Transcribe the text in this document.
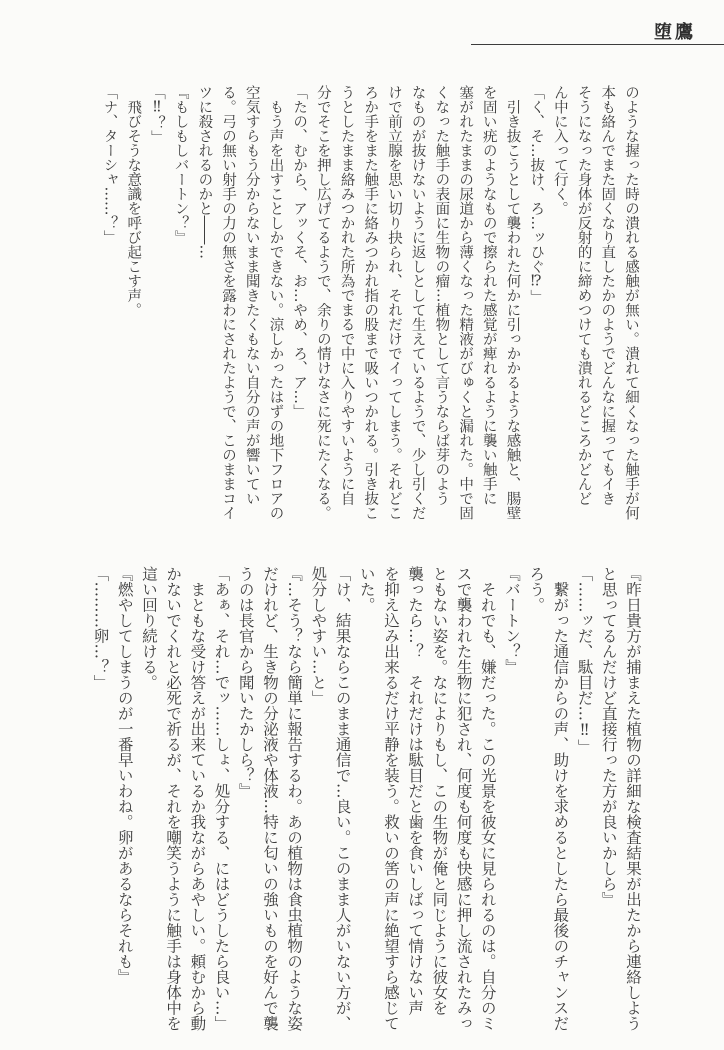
堕鷹
のような握った時の潰れる感触が無い。潰れて細くなった触手が何
本も絡んでまた固くなり直したかのようでどんなに握ってもイき
そうになった身体が反射的に締めつけても潰れるどころかどんど
ん中に入って行く。
「く、そ…抜け、ろ…ッひぐ⁉」
　引き抜こうとして襲われた何かに引っかかるような感触と、腸壁
を固い疣のようなもので擦られた感覚が痺れるように襲い触手に
塞がれたままの尿道から薄くなった精液がびゅくと漏れた。中で固
くなった触手の表面に生物の瘤…植物として言うならば芽のよう
なものが抜けないように返しとして生えているようで、少し引くだ
けで前立腺を思い切り抉られ、それだけでイってしまう。それどこ
ろか手をまた触手に絡みつかれ指の股まで吸いつかれる。引き抜こ
うとしたまま絡みつかれた所為でまるで中に入りやすいように自
分でそこを押し広げてるようで、余りの情けなさに死にたくなる。
「たの、むから、アッくそ、お…やめ、ろ、ア…」
　もう声を出すことしかできない。涼しかったはずの地下フロアの
空気すらもう分からないまま聞きたくもない自分の声が響いてい
る。弓の無い射手の力の無さを露わにされたようで、このままコイ
ツに殺されるのかと――…
『もしもしバートン？』
「‼？」
　飛びそうな意識を呼び起こす声。
「ナ、ターシャ……？」
『昨日貴方が捕まえた植物の詳細な検査結果が出たから連絡しよう
と思ってるんだけど直接行った方が良いかしら』
「……ッだ、駄目だ…‼」
　繋がった通信からの声、助けを求めるとしたら最後のチャンスだ
ろう。
『バートン？』
　それでも、嫌だった。この光景を彼女に見られるのは。自分のミ
スで襲われた生物に犯され、何度も何度も快感に押し流されたみっ
ともない姿を。なによりもし、この生物が俺と同じように彼女を
襲ったら…？　それだけは駄目だと歯を食いしばって情けない声
を抑え込み出来るだけ平静を装う。救いの筈の声に絶望すら感じて
いた。
「け、結果ならこのまま通信で…良い。このまま人がいない方が、
処分しやすい…と」
『…そう？なら簡単に報告するわ。あの植物は食虫植物のような姿
だけれど、生き物の分泌液や体液…特に匂いの強いものを好んで襲
うのは長官から聞いたかしら？』
「あぁ、それ…でッ……しょ、処分する、にはどうしたら良い…」
　まともな受け答えが出来ているか我ながらあやしい。頼むから動
かないでくれと必死で祈るが、それを嘲笑うように触手は身体中を
這い回り続ける。
『燃やしてしまうのが一番早いわね。卵があるならそれも』
「………卵…？」
